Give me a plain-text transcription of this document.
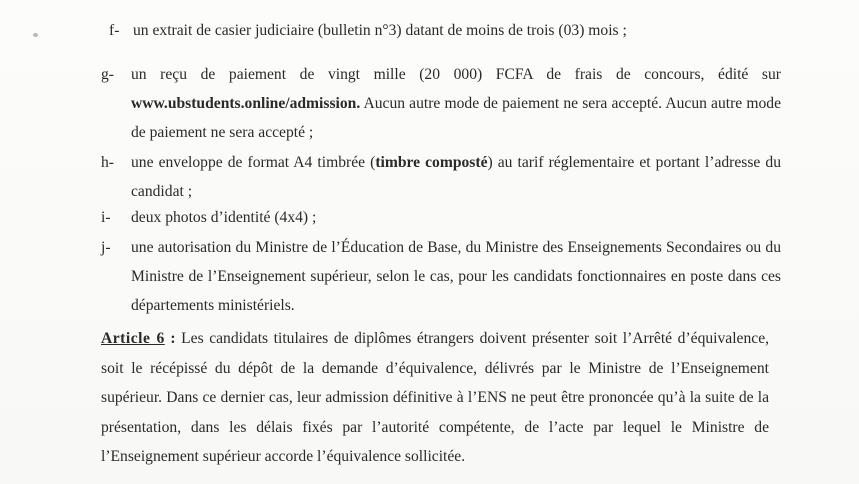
f- un extrait de casier judiciaire (bulletin n°3) datant de moins de trois (03) mois ;
g-	un reçu de paiement de vingt mille (20 000) FCFA de frais de concours, édité sur www.ubstudents.online/admission. Aucun autre mode de paiement ne sera accepté. Aucun autre mode de paiement ne sera accepté ;
h-	une enveloppe de format A4 timbrée (timbre composté) au tarif réglementaire et portant l’adresse du candidat ;
i-	deux photos d’identité (4x4) ;
j-	une autorisation du Ministre de l’Éducation de Base, du Ministre des Enseignements Secondaires ou du Ministre de l’Enseignement supérieur, selon le cas, pour les candidats fonctionnaires en poste dans ces départements ministériels.
Article 6 : Les candidats titulaires de diplômes étrangers doivent présenter soit l’Arrêté d’équivalence, soit le récépissé du dépôt de la demande d’équivalence, délivrés par le Ministre de l’Enseignement supérieur. Dans ce dernier cas, leur admission définitive à l’ENS ne peut être prononcée qu’à la suite de la présentation, dans les délais fixés par l’autorité compétente, de l’acte par lequel le Ministre de l’Enseignement supérieur accorde l’équivalence sollicitée.
